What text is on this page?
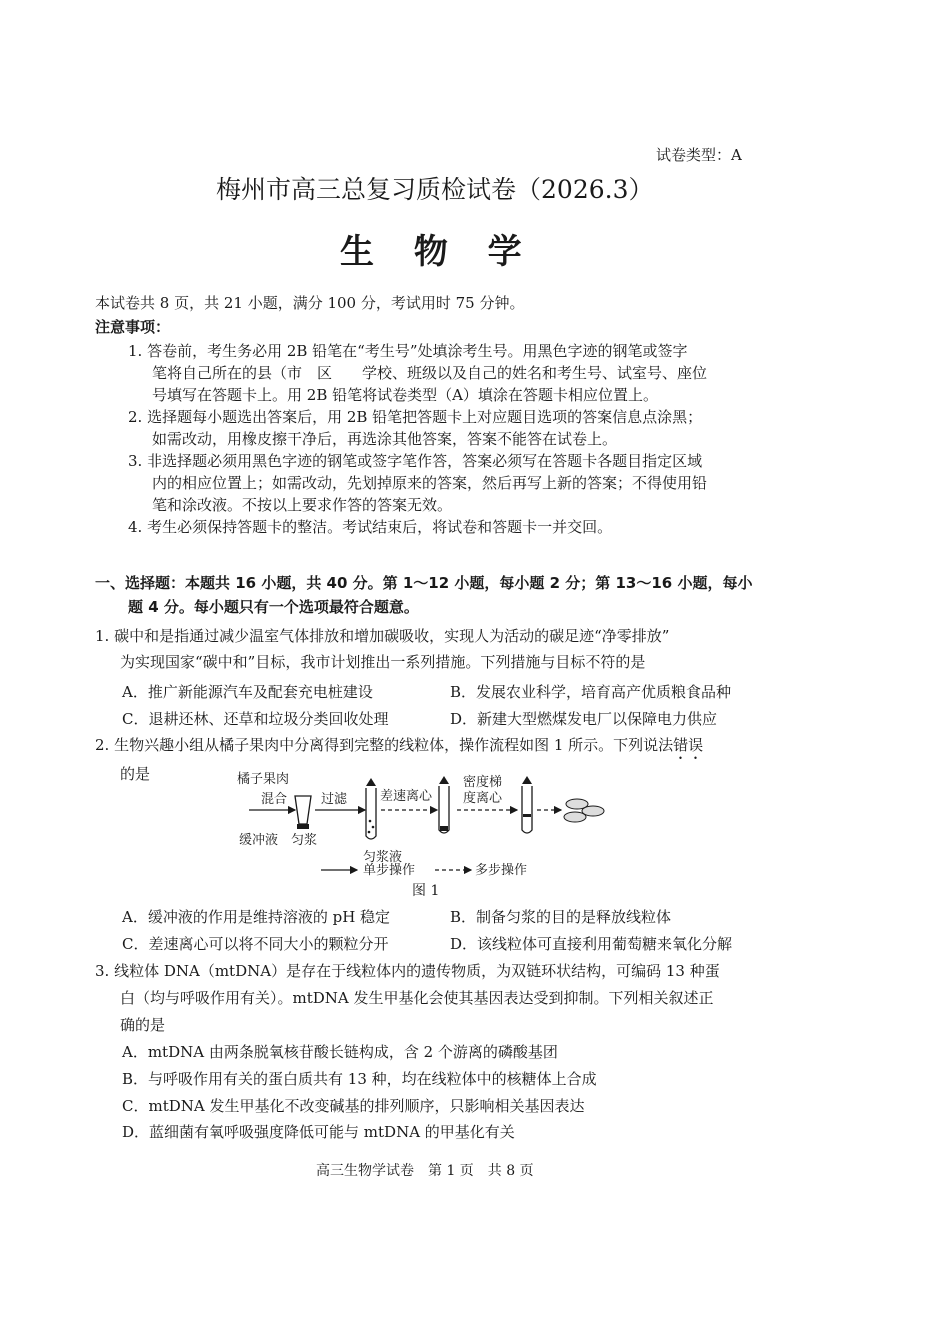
试卷类型：A
梅州市高三总复习质检试卷（2026.3）
生 物 学
本试卷共 8 页，共 21 小题，满分 100 分，考试用时 75 分钟。
注意事项：
1. 答卷前，考生务必用 2B 铅笔在“考生号”处填涂考生号。用黑色字迹的钢笔或签字
笔将自己所在的县（市　区　　学校、班级以及自己的姓名和考生号、试室号、座位
号填写在答题卡上。用 2B 铅笔将试卷类型（A）填涂在答题卡相应位置上。
2. 选择题每小题选出答案后，用 2B 铅笔把答题卡上对应题目选项的答案信息点涂黑；
如需改动，用橡皮擦干净后，再选涂其他答案，答案不能答在试卷上。
3. 非选择题必须用黑色字迹的钢笔或签字笔作答，答案必须写在答题卡各题目指定区域
内的相应位置上；如需改动，先划掉原来的答案，然后再写上新的答案；不得使用铅
笔和涂改液。不按以上要求作答的答案无效。
4. 考生必须保持答题卡的整洁。考试结束后，将试卷和答题卡一并交回。
一、选择题：本题共 16 小题，共 40 分。第 1～12 小题，每小题 2 分；第 13～16 小题，每小
题 4 分。每小题只有一个选项最符合题意。
1. 碳中和是指通过减少温室气体排放和增加碳吸收，实现人为活动的碳足迹“净零排放”
为实现国家“碳中和”目标，我市计划推出一系列措施。下列措施与目标不符的是
A．推广新能源汽车及配套充电桩建设	B．发展农业科学，培育高产优质粮食品种
C．退耕还林、还草和垃圾分类回收处理	D．新建大型燃煤发电厂以保障电力供应
2. 生物兴趣小组从橘子果肉中分离得到完整的线粒体，操作流程如图 1 所示。下列说法错误
的是	橘子果肉
混合
缓冲液 匀浆
过滤
匀浆液
差速离心
密度梯
度离心
单步操作	多步操作
图 1
A．缓冲液的作用是维持溶液的 pH 稳定	B．制备匀浆的目的是释放线粒体
C．差速离心可以将不同大小的颗粒分开	D．该线粒体可直接利用葡萄糖来氧化分解
3. 线粒体 DNA（mtDNA）是存在于线粒体内的遗传物质，为双链环状结构，可编码 13 种蛋
白（均与呼吸作用有关）。mtDNA 发生甲基化会使其基因表达受到抑制。下列相关叙述正
确的是
A．mtDNA 由两条脱氧核苷酸长链构成，含 2 个游离的磷酸基团
B．与呼吸作用有关的蛋白质共有 13 种，均在线粒体中的核糖体上合成
C．mtDNA 发生甲基化不改变碱基的排列顺序，只影响相关基因表达
D．蓝细菌有氧呼吸强度降低可能与 mtDNA 的甲基化有关
高三生物学试卷　第 1 页　共 8 页
